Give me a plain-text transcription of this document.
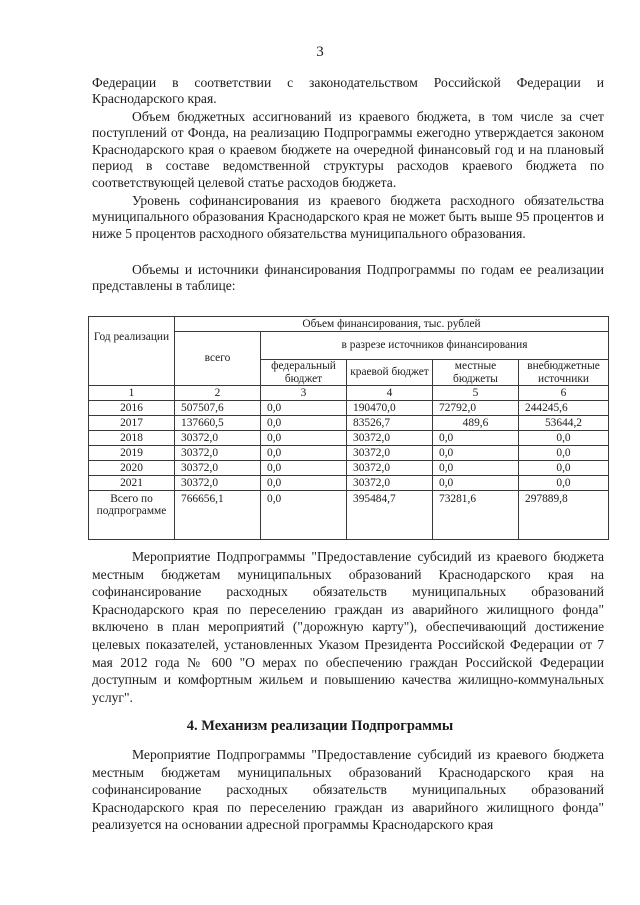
3

Федерации в соответствии с законодательством Российской Федерации и Краснодарского края.

Объем бюджетных ассигнований из краевого бюджета, в том числе за счет поступлений от Фонда, на реализацию Подпрограммы ежегодно утверждается законом Краснодарского края о краевом бюджете на очередной финансовый год и на плановый период в составе ведомственной структуры расходов краевого бюджета по соответствующей целевой статье расходов бюджета.

Уровень софинансирования из краевого бюджета расходного обязательства муниципального образования Краснодарского края не может быть выше 95 процентов и ниже 5 процентов расходного обязательства муниципального образования.

Объемы и источники финансирования Подпрограммы по годам ее реализации представлены в таблице:

Год реализации	Объем финансирования, тыс. рублей				
	всего	в разрезе источников финансирования			
		федеральный бюджет	краевой бюджет	местные бюджеты	внебюджетные источники
1	2	3	4	5	6
2016	507507,6	0,0	190470,0	72792,0	244245,6
2017	137660,5	0,0	83526,7	489,6	53644,2
2018	30372,0	0,0	30372,0	0,0	0,0
2019	30372,0	0,0	30372,0	0,0	0,0
2020	30372,0	0,0	30372,0	0,0	0,0
2021	30372,0	0,0	30372,0	0,0	0,0
Всего по подпрограмме	766656,1	0,0	395484,7	73281,6	297889,8

Мероприятие Подпрограммы "Предоставление субсидий из краевого бюджета местным бюджетам муниципальных образований Краснодарского края на софинансирование расходных обязательств муниципальных образований Краснодарского края по переселению граждан из аварийного жилищного фонда" включено в план мероприятий ("дорожную карту"), обеспечивающий достижение целевых показателей, установленных Указом Президента Российской Федерации от 7 мая 2012 года № 600 "О мерах по обеспечению граждан Российской Федерации доступным и комфортным жильем и повышению качества жилищно-коммунальных услуг".

4. Механизм реализации Подпрограммы

Мероприятие Подпрограммы "Предоставление субсидий из краевого бюджета местным бюджетам муниципальных образований Краснодарского края на софинансирование расходных обязательств муниципальных образований Краснодарского края по переселению граждан из аварийного жилищного фонда" реализуется на основании адресной программы Краснодарского края
